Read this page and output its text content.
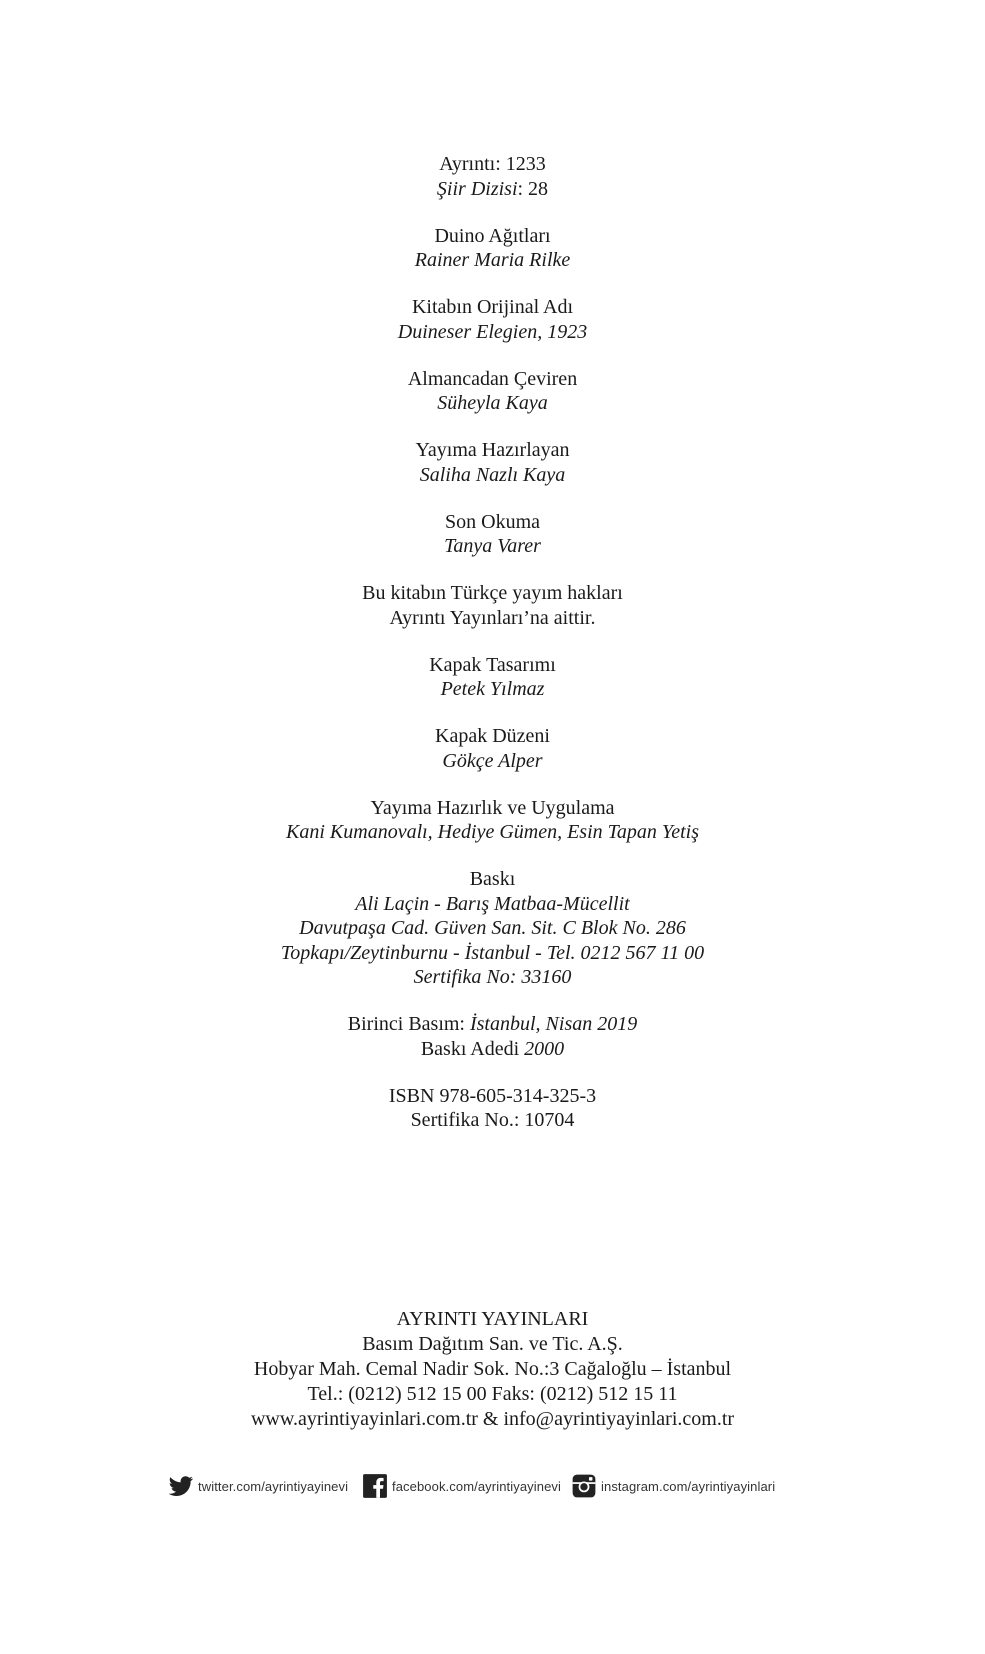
Ayrıntı: 1233
Şiir Dizisi: 28
Duino Ağıtları
Rainer Maria Rilke
Kitabın Orijinal Adı
Duineser Elegien, 1923
Almancadan Çeviren
Süheyla Kaya
Yayıma Hazırlayan
Saliha Nazlı Kaya
Son Okuma
Tanya Varer
Bu kitabın Türkçe yayım hakları
Ayrıntı Yayınları’na aittir.
Kapak Tasarımı
Petek Yılmaz
Kapak Düzeni
Gökçe Alper
Yayıma Hazırlık ve Uygulama
Kani Kumanovalı, Hediye Gümen, Esin Tapan Yetiş
Baskı
Ali Laçin - Barış Matbaa-Mücellit
Davutpaşa Cad. Güven San. Sit. C Blok No. 286
Topkapı/Zeytinburnu - İstanbul - Tel. 0212 567 11 00
Sertifika No: 33160
Birinci Basım: İstanbul, Nisan 2019
Baskı Adedi 2000
ISBN 978-605-314-325-3
Sertifika No.: 10704
AYRINTI YAYINLARI
Basım Dağıtım San. ve Tic. A.Ş.
Hobyar Mah. Cemal Nadir Sok. No.:3 Cağaloğlu – İstanbul
Tel.: (0212) 512 15 00 Faks: (0212) 512 15 11
www.ayrintiyayinlari.com.tr & info@ayrintiyayinlari.com.tr
twitter.com/ayrintiyayinevi	facebook.com/ayrintiyayinevi	instagram.com/ayrintiyayinlari
